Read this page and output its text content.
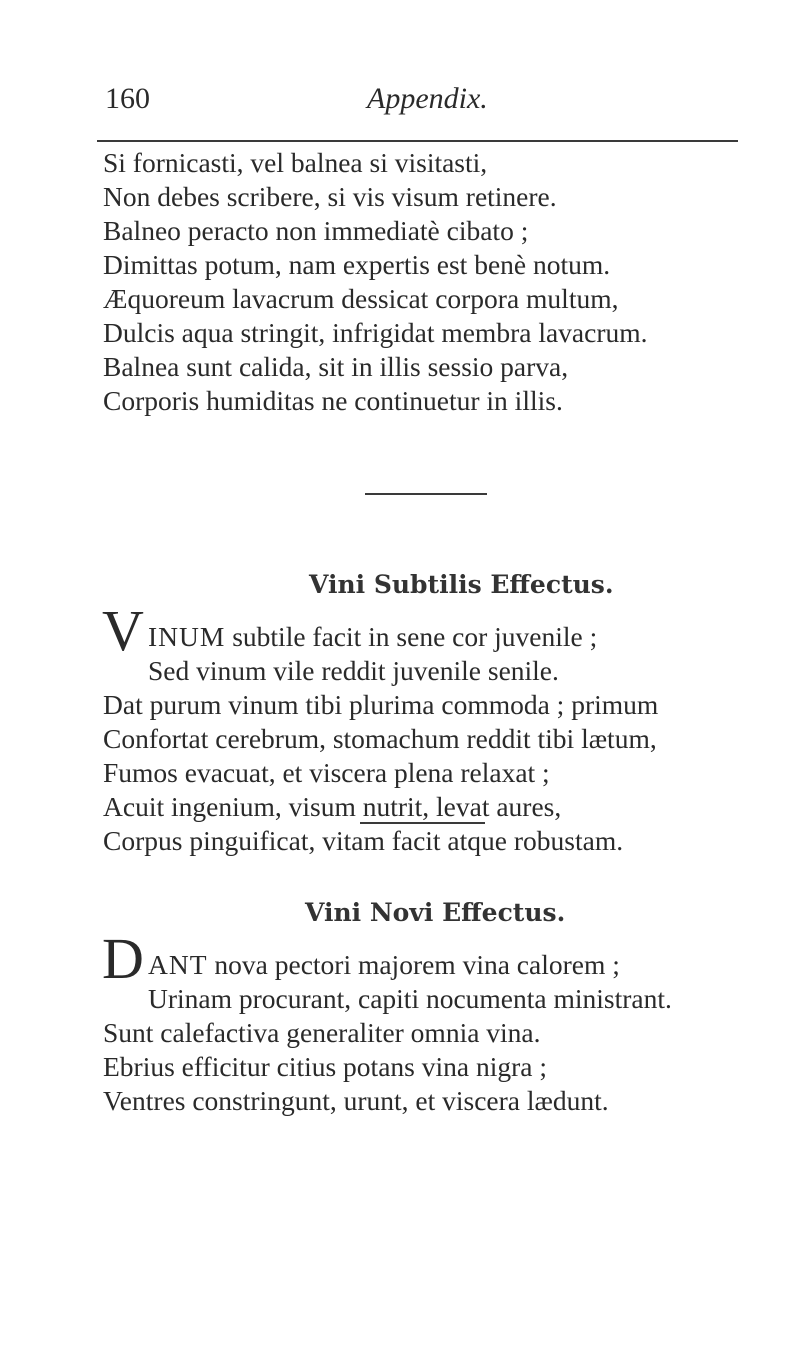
160	Appendix.
Si fornicasti, vel balnea si visitasti,
Non debes scribere, si vis visum retinere.
Balneo peracto non immediatè cibato ;
Dimittas potum, nam expertis est benè notum.
Æquoreum lavacrum dessicat corpora multum,
Dulcis aqua stringit, infrigidat membra lavacrum.
Balnea sunt calida, sit in illis sessio parva,
Corporis humiditas ne continuetur in illis.
Vini Subtilis Effectus.
V INUM subtile facit in sene cor juvenile ;
Sed vinum vile reddit juvenile senile.
Dat purum vinum tibi plurima commoda ; primum
Confortat cerebrum, stomachum reddit tibi lætum,
Fumos evacuat, et viscera plena relaxat ;
Acuit ingenium, visum nutrit, levat aures,
Corpus pinguificat, vitam facit atque robustam.
Vini Novi Effectus.
D ANT nova pectori majorem vina calorem ;
Urinam procurant, capiti nocumenta ministrant.
Sunt calefactiva generaliter omnia vina.
Ebrius efficitur citius potans vina nigra ;
Ventres constringunt, urunt, et viscera lædunt.
